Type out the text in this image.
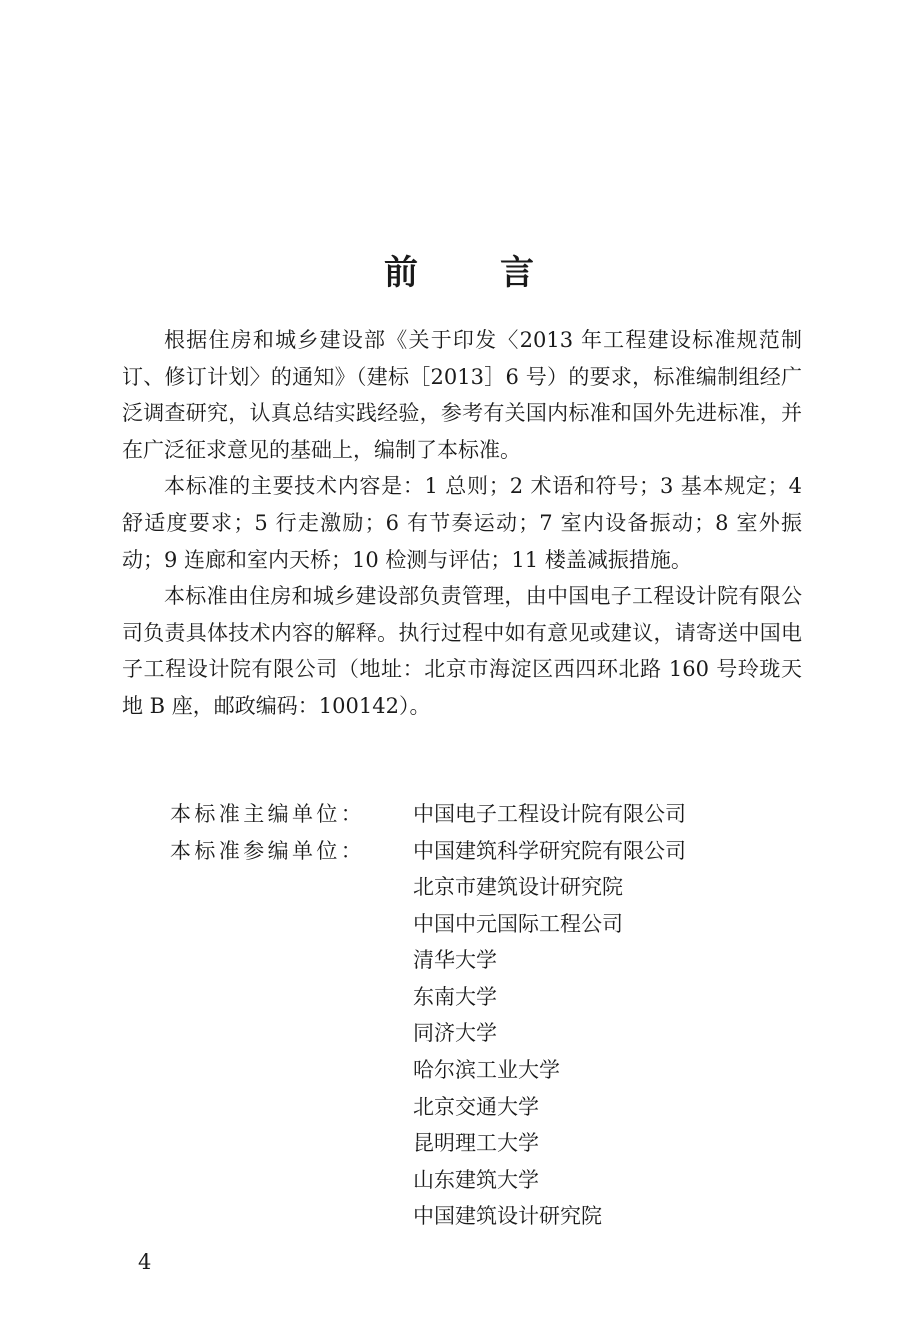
前 言

根据住房和城乡建设部《关于印发〈2013 年工程建设标准规范制订、修订计划〉的通知》（建标［2013］6 号）的要求，标准编制组经广泛调查研究，认真总结实践经验，参考有关国内标准和国外先进标准，并在广泛征求意见的基础上，编制了本标准。

本标准的主要技术内容是：1 总则；2 术语和符号；3 基本规定；4 舒适度要求；5 行走激励；6 有节奏运动；7 室内设备振动；8 室外振动；9 连廊和室内天桥；10 检测与评估；11 楼盖减振措施。

本标准由住房和城乡建设部负责管理，由中国电子工程设计院有限公司负责具体技术内容的解释。执行过程中如有意见或建议，请寄送中国电子工程设计院有限公司（地址：北京市海淀区西四环北路 160 号玲珑天地 B 座，邮政编码：100142）。

本标准主编单位：	中国电子工程设计院有限公司
本标准参编单位：	中国建筑科学研究院有限公司
北京市建筑设计研究院
中国中元国际工程公司
清华大学
东南大学
同济大学
哈尔滨工业大学
北京交通大学
昆明理工大学
山东建筑大学
中国建筑设计研究院
4
